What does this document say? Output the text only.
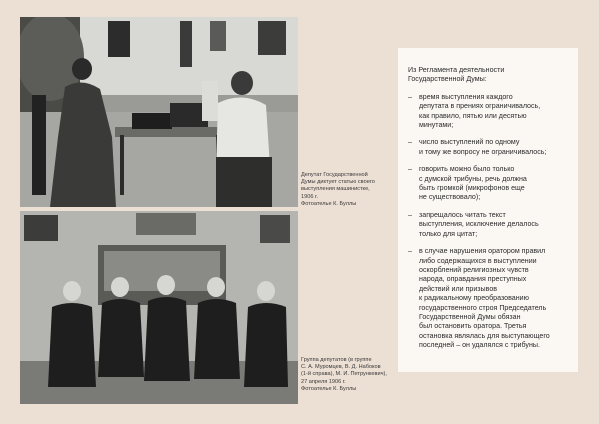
Депутат Государственной
Думы диктует статью своего
выступления машинистке,
1906 г.
Фотоателье К. Буллы
Группа депутатов (в группе
С. А. Муромцев, В. Д. Набоков
(1-й справа), М. И. Петрункевич),
27 апреля 1906 г.
Фотоателье К. Буллы
Из Регламента деятельности
Государственной Думы:
– время выступления каждого
депутата в прениях ограничивалось,
как правило, пятью или десятью
минутами;
– число выступлений по одному
и тому же вопросу не ограничивалось;
– говорить можно было только
с думской трибуны, речь должна
быть громкой (микрофонов еще
не существовало);
– запрещалось читать текст
выступления, исключение делалось
только для цитат;
– в случае нарушения оратором правил
либо содержащихся в выступлении
оскорблений религиозных чувств
народа, оправдания преступных
действий или призывов
к радикальному преобразованию
государственного строя Председатель
Государственной Думы обязан
был остановить оратора. Третья
остановка являлась для выступающего
последней – он удалялся с трибуны.
